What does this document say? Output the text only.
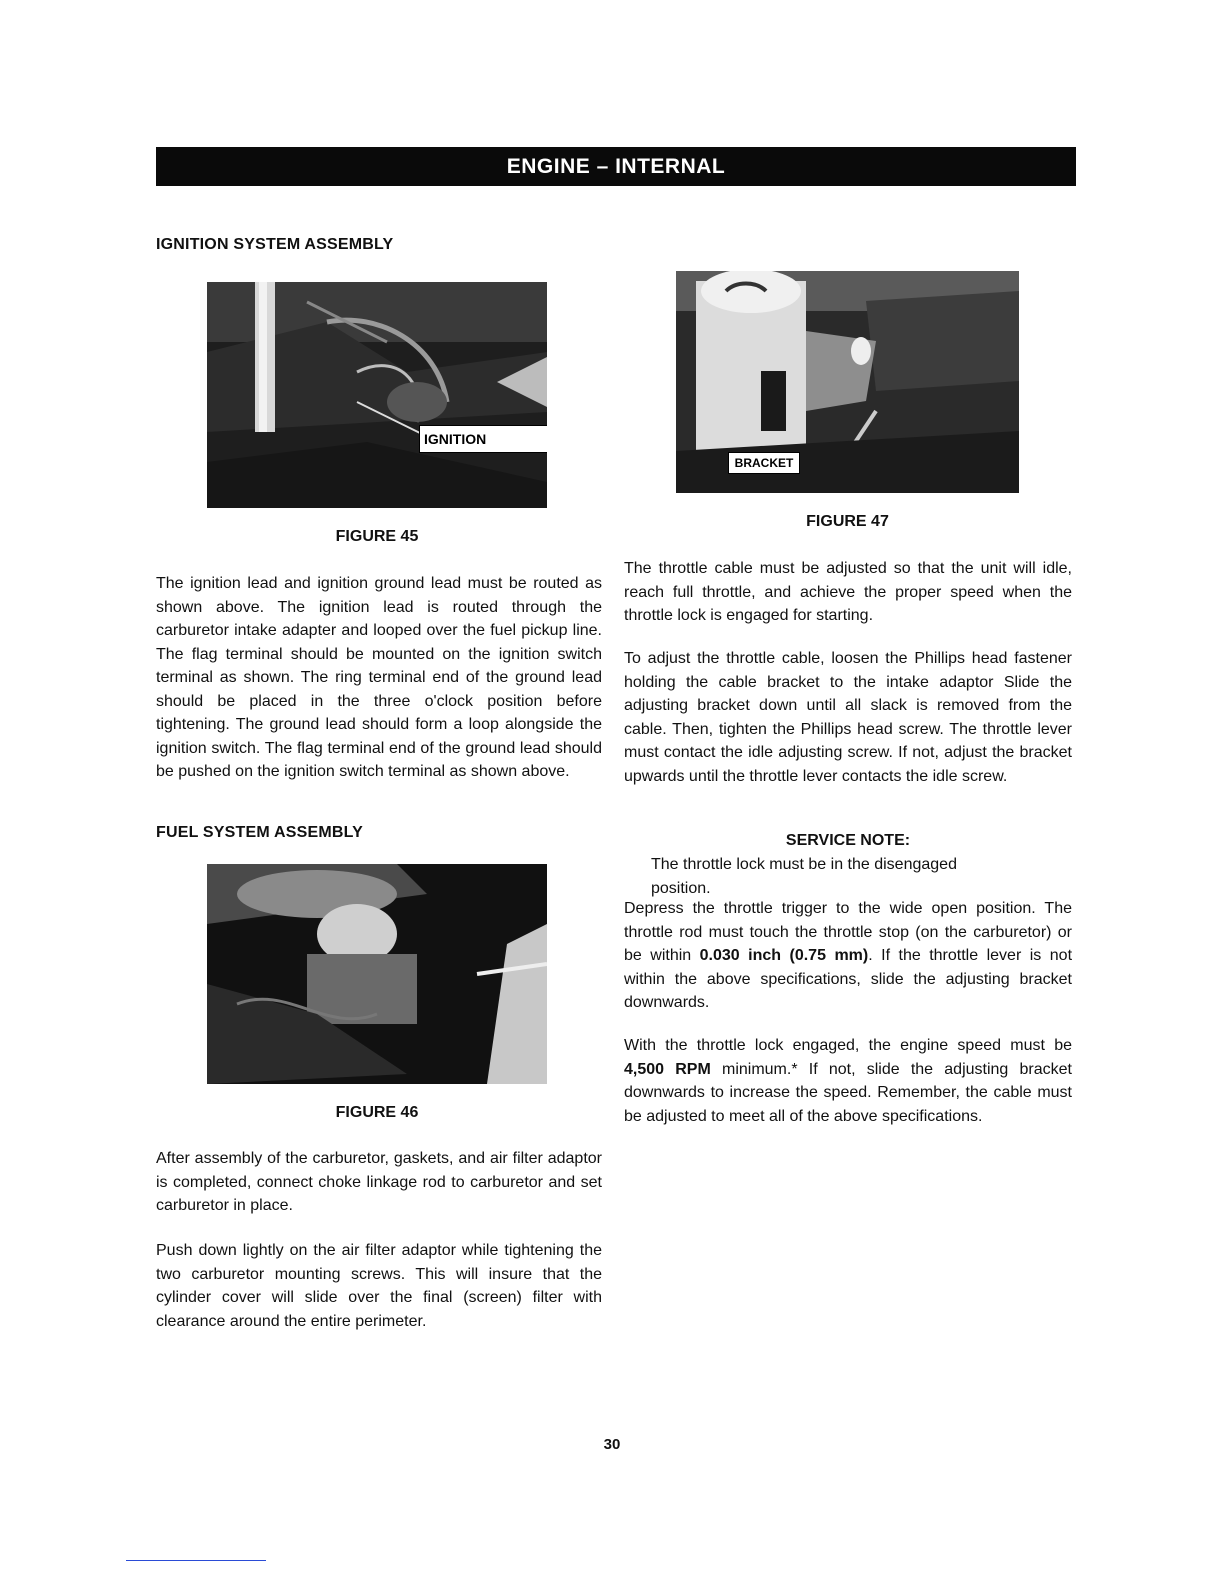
ENGINE – INTERNAL
IGNITION SYSTEM ASSEMBLY
IGNITION
FIGURE 45

The ignition lead and ignition ground lead must be routed as shown above. The ignition lead is routed through the carburetor intake adapter and looped over the fuel pickup line. The flag terminal should be mounted on the ignition switch terminal as shown. The ring terminal end of the ground lead should be placed in the three o'clock position before tightening. The ground lead should form a loop alongside the ignition switch. The flag terminal end of the ground lead should be pushed on the ignition switch terminal as shown above.

FUEL SYSTEM ASSEMBLY
FIGURE 46

After assembly of the carburetor, gaskets, and air filter adaptor is completed, connect choke linkage rod to carburetor and set carburetor in place.

Push down lightly on the air filter adaptor while tightening the two carburetor mounting screws. This will insure that the cylinder cover will slide over the final (screen) filter with clearance around the entire perimeter.

BRACKET
FIGURE 47

The throttle cable must be adjusted so that the unit will idle, reach full throttle, and achieve the proper speed when the throttle lock is engaged for starting.

To adjust the throttle cable, loosen the Phillips head fastener holding the cable bracket to the intake adaptor Slide the adjusting bracket down until all slack is removed from the cable. Then, tighten the Phillips head screw. The throttle lever must contact the idle adjusting screw. If not, adjust the bracket upwards until the throttle lever contacts the idle screw.

SERVICE NOTE:

The throttle lock must be in the disengaged position.

Depress the throttle trigger to the wide open position. The throttle rod must touch the throttle stop (on the carburetor) or be within 0.030 inch (0.75 mm). If the throttle lever is not within the above specifications, slide the adjusting bracket downwards.

With the throttle lock engaged, the engine speed must be 4,500 RPM minimum.* If not, slide the adjusting bracket downwards to increase the speed. Remember, the cable must be adjusted to meet all of the above specifications.

30
